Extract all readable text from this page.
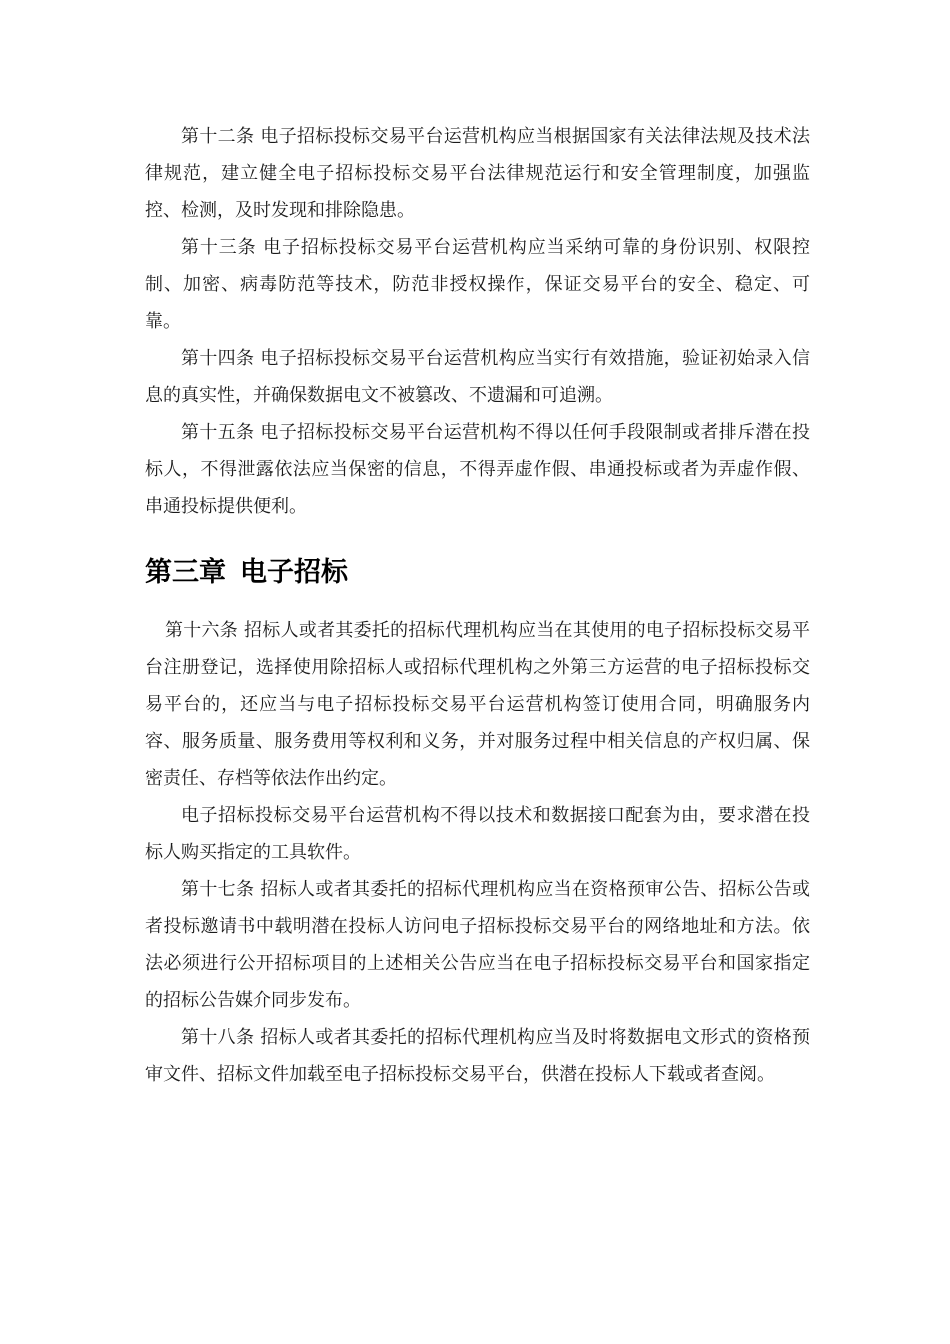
第十二条 电子招标投标交易平台运营机构应当根据国家有关法律法规及技术法律规范，建立健全电子招标投标交易平台法律规范运行和安全管理制度，加强监控、检测，及时发现和排除隐患。

第十三条 电子招标投标交易平台运营机构应当采纳可靠的身份识别、权限控制、加密、病毒防范等技术，防范非授权操作，保证交易平台的安全、稳定、可靠。

第十四条 电子招标投标交易平台运营机构应当实行有效措施，验证初始录入信息的真实性，并确保数据电文不被篡改、不遗漏和可追溯。

第十五条 电子招标投标交易平台运营机构不得以任何手段限制或者排斥潜在投标人，不得泄露依法应当保密的信息，不得弄虚作假、串通投标或者为弄虚作假、串通投标提供便利。

第三章 电子招标

第十六条 招标人或者其委托的招标代理机构应当在其使用的电子招标投标交易平台注册登记，选择使用除招标人或招标代理机构之外第三方运营的电子招标投标交易平台的，还应当与电子招标投标交易平台运营机构签订使用合同，明确服务内容、服务质量、服务费用等权利和义务，并对服务过程中相关信息的产权归属、保密责任、存档等依法作出约定。

电子招标投标交易平台运营机构不得以技术和数据接口配套为由，要求潜在投标人购买指定的工具软件。

第十七条 招标人或者其委托的招标代理机构应当在资格预审公告、招标公告或者投标邀请书中载明潜在投标人访问电子招标投标交易平台的网络地址和方法。依法必须进行公开招标项目的上述相关公告应当在电子招标投标交易平台和国家指定的招标公告媒介同步发布。

第十八条 招标人或者其委托的招标代理机构应当及时将数据电文形式的资格预审文件、招标文件加载至电子招标投标交易平台，供潜在投标人下载或者查阅。
